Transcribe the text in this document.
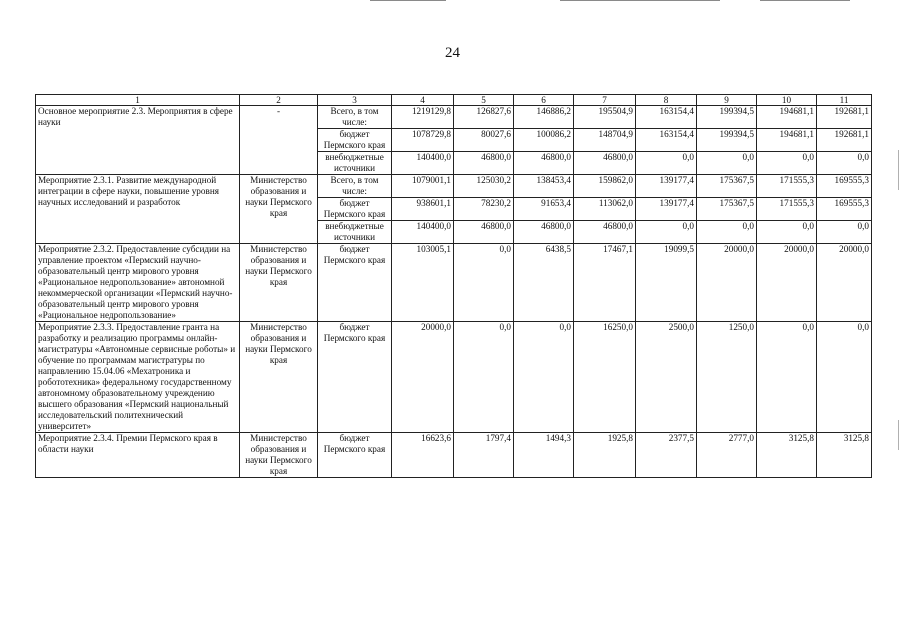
24
1	2	3	4	5	6	7	8	9	10	11
Основное мероприятие 2.3. Мероприятия в сфере науки	-	Всего, в том числе:	1219129,8	126827,6	146886,2	195504,9	163154,4	199394,5	194681,1	192681,1
		бюджет Пермского края	1078729,8	80027,6	100086,2	148704,9	163154,4	199394,5	194681,1	192681,1
		внебюджетные источники	140400,0	46800,0	46800,0	46800,0	0,0	0,0	0,0	0,0
Мероприятие 2.3.1. Развитие международной интеграции в сфере науки, повышение уровня научных исследований и разработок	Министерство образования и науки Пермского края	Всего, в том числе:	1079001,1	125030,2	138453,4	159862,0	139177,4	175367,5	171555,3	169555,3
		бюджет Пермского края	938601,1	78230,2	91653,4	113062,0	139177,4	175367,5	171555,3	169555,3
		внебюджетные источники	140400,0	46800,0	46800,0	46800,0	0,0	0,0	0,0	0,0
Мероприятие 2.3.2. Предоставление субсидии на управление проектом «Пермский научно-образовательный центр мирового уровня «Рациональное недропользование» автономной некоммерческой организации «Пермский научно-образовательный центр мирового уровня «Рациональное недропользование»	Министерство образования и науки Пермского края	бюджет Пермского края	103005,1	0,0	6438,5	17467,1	19099,5	20000,0	20000,0	20000,0
Мероприятие 2.3.3. Предоставление гранта на разработку и реализацию программы онлайн-магистратуры «Автономные сервисные роботы» и обучение по программам магистратуры по направлению 15.04.06 «Мехатроника и робототехника» федеральному государственному автономному образовательному учреждению высшего образования «Пермский национальный исследовательский политехнический университет»	Министерство образования и науки Пермского края	бюджет Пермского края	20000,0	0,0	0,0	16250,0	2500,0	1250,0	0,0	0,0
Мероприятие 2.3.4. Премии Пермского края в области науки	Министерство образования и науки Пермского края	бюджет Пермского края	16623,6	1797,4	1494,3	1925,8	2377,5	2777,0	3125,8	3125,8
